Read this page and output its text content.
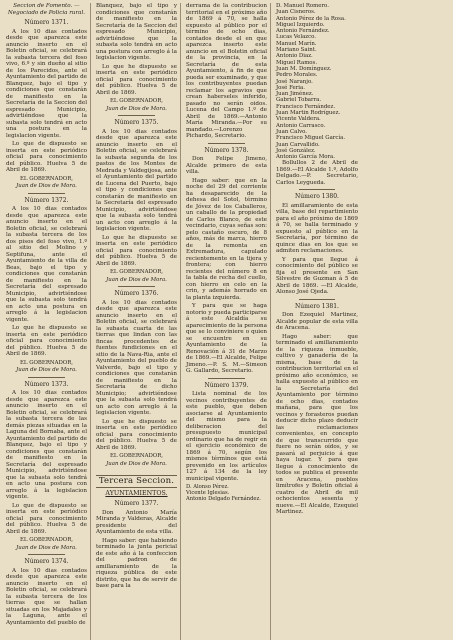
Seccion de Fomento. — Negociado de Policia rural.
Número 1371.
A los 10 dias contados desde que aparezca este anuncio inserto en el Boletin oficial, se celebrará la subasta tercera del foso vivo, 6.º y sin dueño al sitio de los Parecidos, ante el Ayuntamiento del partido de Blanquez, bajo el tipo y condiciones que constarán de manifiesto en la Secretaría de la Seccion del espresado Municipio, advirtiéndose que la subasta solo tendrá en acto una postura en la legislacion vigente.
Lo que de dispuesto se inserta en este periódico oficial para conocimiento del público. Huelva 5 de Abril de 1869.
EL GOBERNADOR,
Juan de Dios de Mora.
Número 1372.
A los 10 dias contados desde que aparezca este anuncio inserto en el Boletin oficial, se celebrará la subasta tercera de los dos pisos del foso vivo, 1.º al sitio del Molino y Septifuna, ante el Ayuntamiento de la villa de Beas, bajo el tipo y condiciones que constarán de manifiesto en la Secretaría del espresado Municipio, advirtiéndose que la subasta solo tendrá en acto una postura en arreglo á la legislacion vigente.
Lo que he dispuesto se inserta en este periódico oficial para conocimiento del público. Huelva 5 de Abril de 1869.
EL GOBERNADOR,
Juan de Dios de Mora.
Número 1373.
A los 10 dias contados desde que aparezca este anuncio inserto en el Boletin oficial, se celebrará la subasta tercera de las demás piezas situadas en la Laguna del Bornaba, ante el Ayuntamiento del partido de Blanquez, bajo el tipo y condiciones que constarán de manifiesto en la Secretaría del espresado Municipio, advirtiéndose que la subasta solo tendrá en acto una postura con arreglo á la legislacion vigente.
Lo que de dispuesto se inserta en este periódico oficial para conocimiento del público. Huelva 5 de Abril de 1869.
EL GOBERNADOR,
Juan de Dios de Mora.
Número 1374.
A los 10 dias contados desde que aparezca este anuncio inserto en el Boletin oficial, se celebrará la subasta tercera de los tierras que se hallan situadas en los Majadales y la Laguna, ante el Ayuntamiento del pueblo de
Blanquez, bajo el tipo y condiciones que constarán de manifiesto en la Secretaría de la Seccion del espresado Municipio, advirtiéndose que la subasta solo tendrá en acto una postura con arreglo á la legislacion vigente.
Lo que he dispuesto se inserta en este periódico oficial para conocimiento del público. Huelva 5 de Abril de 1869.
EL GOBERNADOR,
Juan de Dios de Mora.
Número 1375.
A los 10 dias contados desde que aparezca este anuncio inserto en el Boletin oficial, se celebrará la subasta segunda de los pastos de los Montes de Medrada y Valdegijosa, ante el Ayuntamiento del partido de Lucena del Puerto, bajo el tipo y condiciones que constarán de manifiesto en la Secretaría del espresado Municipio, advirtiéndose que la subasta solo tendrá un acto con arreglo á la legislacion vigente.
Lo que he dispuesto se inserta en este periódico oficial para conocimiento del público. Huelva 5 de Abril de 1869.
EL GOBERNADOR,
Juan de Dios de Mora.
Número 1376.
A los 10 dias contados desde que aparezca este anuncio inserto en el Boletin oficial, se celebrará la subasta cuarta de las tierras que lindan con las fincas procedentes de fuentes fundiciones en el sitio de la Nava-Ria, ante el Ayuntamiento del pueblo de Valverde, bajo el tipo y condiciones que constarán de manifiesto en la Secretaría de dicho Municipio; advirtiéndose que la subasta solo tendrá un acto con arreglo á la legislacion vigente.
Lo que he dispuesto se inserta en este periódico oficial para conocimiento del público. Huelva 5 de Abril de 1869.
EL GOBERNADOR,
Juan de Dios de Mora.
Tercera Seccion.
AYUNTAMIENTOS.
Número 1377.
Don Antonio María Miranda y Valderas, Alcalde presidente del Ayuntamiento de esta villa.
Hago saber: que habiendo terminado la junta pericial de este año á la confeccion del padron de amillaramiento de la riqueza pública de este distrito, que ha de servir de base para la
derrama de la contribucion territorial en el próximo año de 1869 á 70, se halla expuesto al público por el término de ocho dias, contados desde el en que aparezca inserto este anuncio en el Boletin oficial de la provincia, en la Secretaría de esta Ayuntamiento, á fin de que pueda ser examinado, y que los contribuyentes puedan reclamar los agravios que crean haberseles inferido, pasado no serán oidos. Lucena del Campo 1.º de Abril de 1869.—Antonio María Miranda.—Por su mandado.—Lorenzo Pichardo, Secretario.
Número 1378.
Don Felipe Jimeno, Alcalde primero de esta villa.
Hago saber: que en la noche del 29 del corriente ha desaparecido de la dehesa del Sotol, término de Jóvez de los Caballeros, un caballo de la propiedad de Carlos Blanco, de este vecindario, cuyas señas son: pelo castaño oscuro, de 8 años, más de marca, hierro de la remonta en Extremadura, capulado recientemente en la tijera y frontera; con hierro recientes del número 8 en la tabla de recha del cuello, con hierro en celo en la crin, y además horrado en la planta izquierda.
Y para que se haga notorio y pueda participarse á este Alcaldía su aparecimiento de la persona que se lo conviniere o quien se encuentre en su Ayuntamiento de la Renovación á 31 de Marzo de 1869.—El Alcalde, Felipe Jimeno.—P. S. M.—Simeon G. Gallardo, Secretario.
Número 1379.
Lista nominal de los vecinos contribuyentes de este pueblo, que deben asociarse al Ayuntamiento del mismo para la deliberacion del presupuesto municipal ordinario que ha de regir en el ejercicio económico de 1869 á 70, según los mismos términos que está prevenido en los artículos 127 á 134 de la ley municipal vigente.
D. Alonso Pérez.
Vicente Iglesias.
Antonio Delgado Fernández.
D. Manuel Romero.
Juan Cisneros.
Antonio Pérez de la Rosa.
Miguel Izquierdo.
Antonio Fernández.
Lucas Velazco.
Manuel Marín.
Mariano Saint.
Antonio Diaz.
Miguel Ramos.
Juan M. Domínguez.
Pedro Morales.
José Naranjo.
José Feria.
Juan Jiménez.
Gabriel Tobarra.
Francisco Fernández.
Juan Martin Rodríguez.
Vicente Valdera.
Antonio Carrasco.
Juan Calvo.
Francisco Miguel García.
Juan Carvallido.
José González.
Antonio García Mora.
Bollullos 2 de Abril de 1869.—El Alcalde 1.º, Adolfo Delgado.—P. Secretario, Carlos Leygueda.
Número 1380.
El amillaramiento de esta villa, base del repartimiento para el año próximo de 1869 á 70, se halla terminado y expuesto al público en la Secretaría, por término de quince dias en los que se admiten reclamaciones.
Y para que llegue á conocimiento del público se fija el presente en San Silvestre de Guzman á 5 de Abril de 1869. —El Alcalde, Alonso José Ojeda.
Número 1381.
Don Ezequiel Martinez, Alcalde popular de esta villa de Aracena.
Hago saber: que terminado el amillaramiento de la riqueza inmueble, cultivo y ganadería de la misma, base de la contribucion territorial en el próximo año económico, se halla expuesto al público en la Secretaría del Ayuntamiento por término de ocho dias, contados mañana, para que los vecinos y forasteros puedan deducir dicho plazo deducir las reclamaciones convenientes, en concepto de que transcurrido que fuere no serán oídos, y se pasará al perjuicio á que haya lugar. Y para que llegue á conocimiento de todos se publica el presente en Aracena, pueblos limítrofes y Boletin oficial á cuatro de Abril de mil ochocientos sesenta y nueve.—El Alcalde, Ezequiel Martinez.
